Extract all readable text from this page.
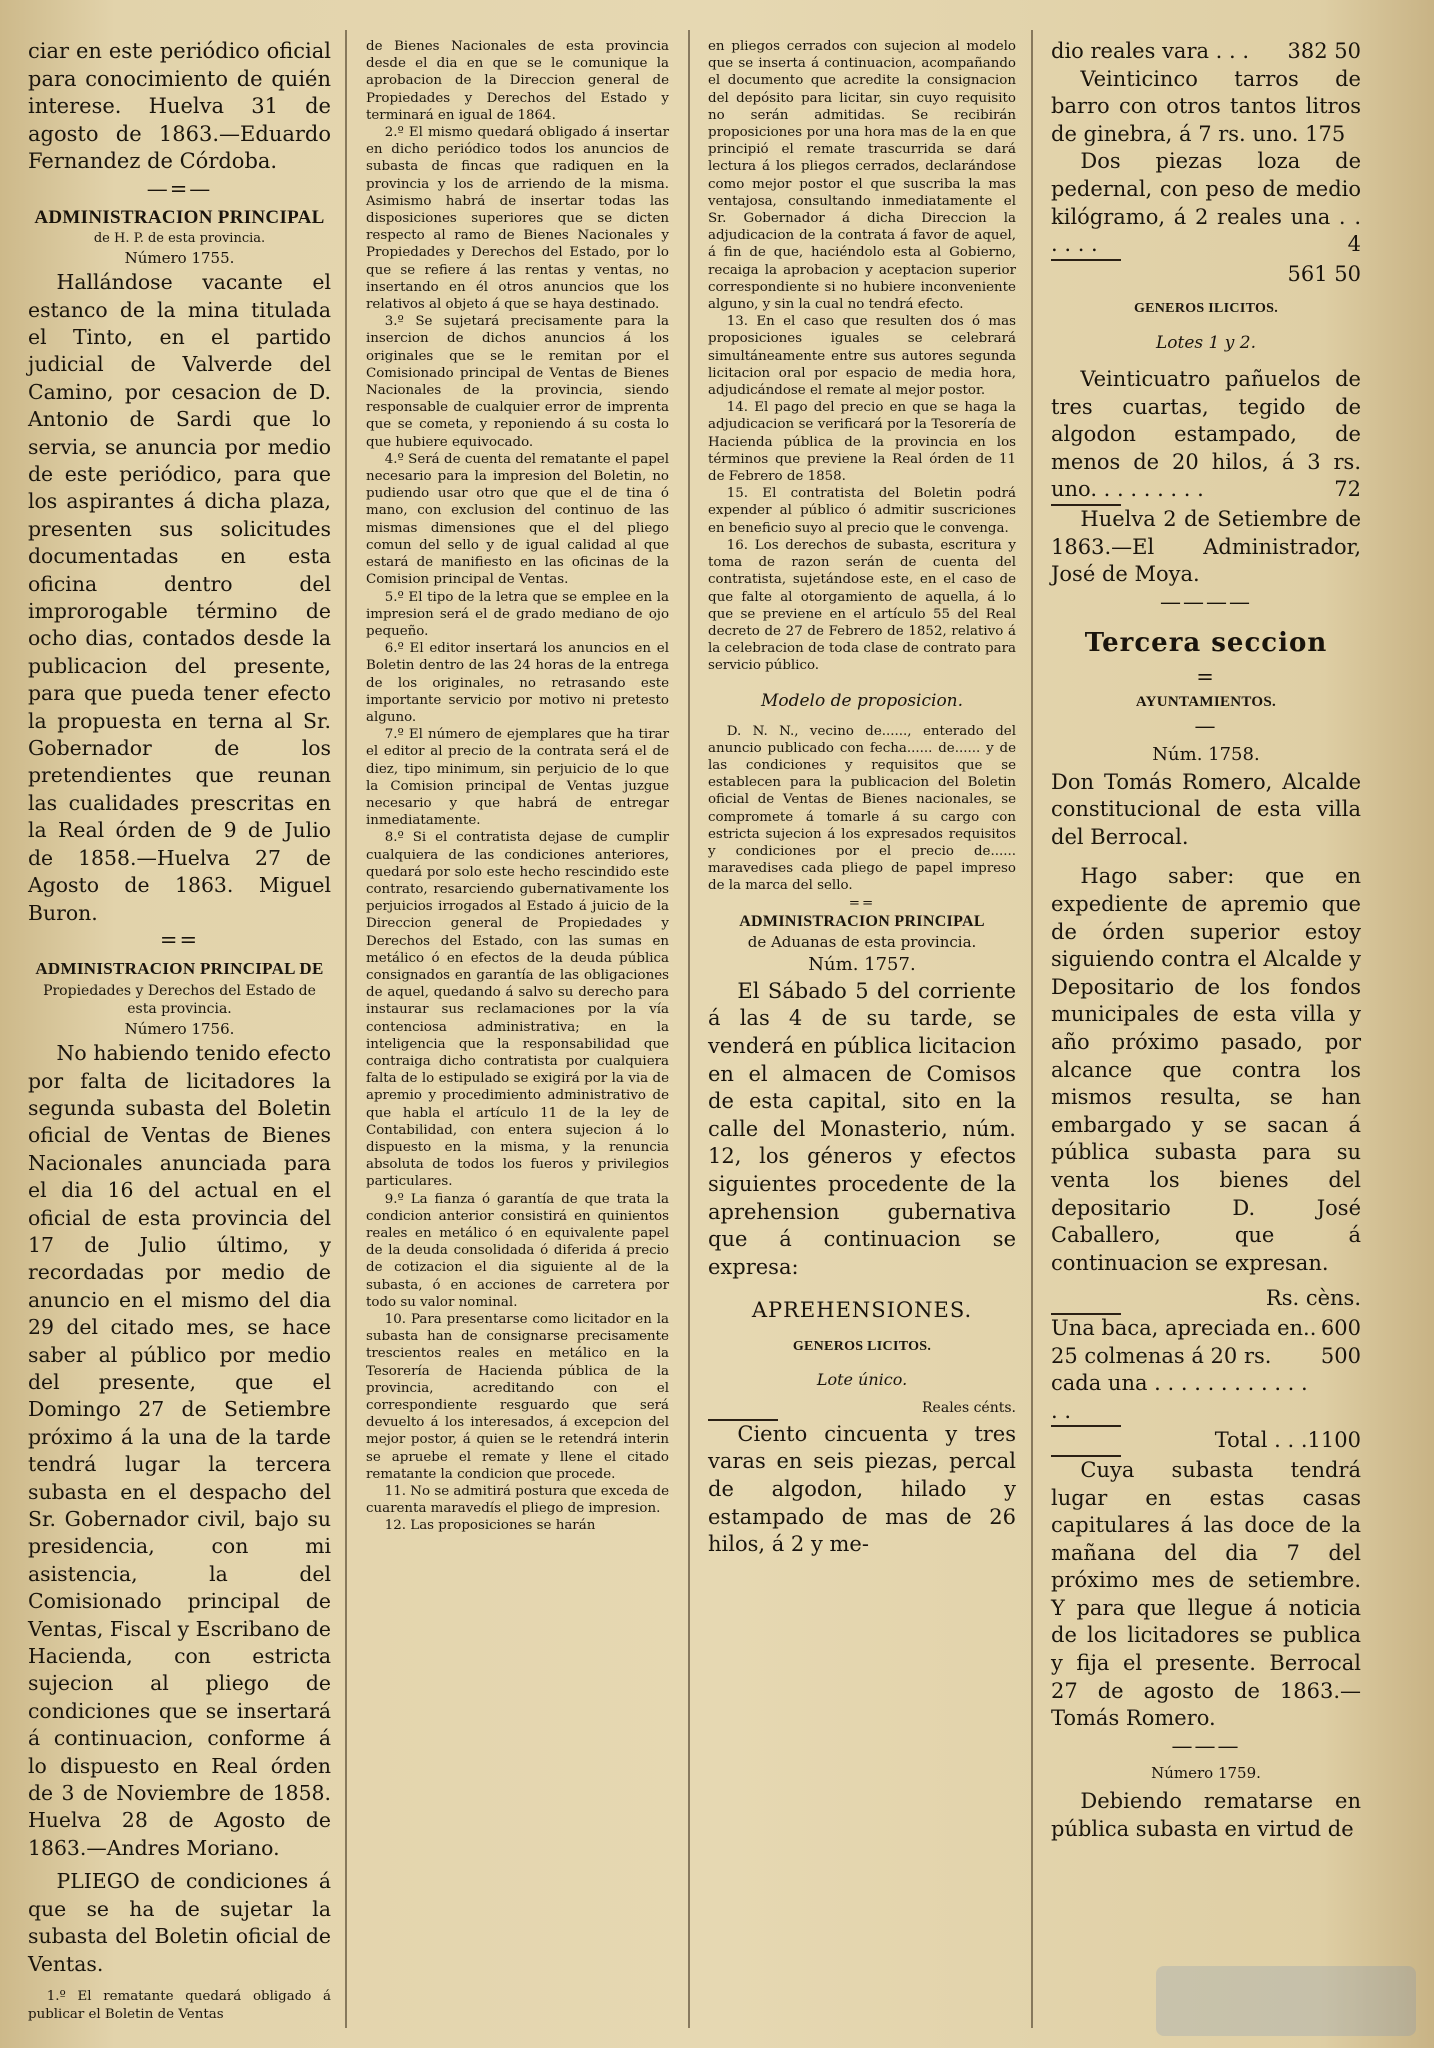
ciar en este periódico oficial para conocimiento de quién interese. Huelva 31 de agosto de 1863.—Eduardo Fernandez de Córdoba.

—=—
ADMINISTRACION PRINCIPAL
de H. P. de esta provincia.
Número 1755.

Hallándose vacante el estanco de la mina titulada el Tinto, en el partido judicial de Valverde del Camino, por cesacion de D. Antonio de Sardi que lo servia, se anuncia por medio de este periódico, para que los aspirantes á dicha plaza, presenten sus solicitudes documentadas en esta oficina dentro del improrogable término de ocho dias, contados desde la publicacion del presente, para que pueda tener efecto la propuesta en terna al Sr. Gobernador de los pretendientes que reunan las cualidades prescritas en la Real órden de 9 de Julio de 1858.—Huelva 27 de Agosto de 1863. Miguel Buron.

==
ADMINISTRACION PRINCIPAL DE
Propiedades y Derechos del Estado de esta provincia.
Número 1756.

No habiendo tenido efecto por falta de licitadores la segunda subasta del Boletin oficial de Ventas de Bienes Nacionales anunciada para el dia 16 del actual en el oficial de esta provincia del 17 de Julio último, y recordadas por medio de anuncio en el mismo del dia 29 del citado mes, se hace saber al público por medio del presente, que el Domingo 27 de Setiembre próximo á la una de la tarde tendrá lugar la tercera subasta en el despacho del Sr. Gobernador civil, bajo su presidencia, con mi asistencia, la del Comisionado principal de Ventas, Fiscal y Escribano de Hacienda, con estricta sujecion al pliego de condiciones que se insertará á continuacion, conforme á lo dispuesto en Real órden de 3 de Noviembre de 1858. Huelva 28 de Agosto de 1863.—Andres Moriano.

PLIEGO de condiciones á que se ha de sujetar la subasta del Boletin oficial de Ventas.

1.º El rematante quedará obligado á publicar el Boletin de Ventas

de Bienes Nacionales de esta provincia desde el dia en que se le comunique la aprobacion de la Direccion general de Propiedades y Derechos del Estado y terminará en igual de 1864.

2.º El mismo quedará obligado á insertar en dicho periódico todos los anuncios de subasta de fincas que radiquen en la provincia y los de arriendo de la misma. Asimismo habrá de insertar todas las disposiciones superiores que se dicten respecto al ramo de Bienes Nacionales y Propiedades y Derechos del Estado, por lo que se refiere á las rentas y ventas, no insertando en él otros anuncios que los relativos al objeto á que se haya destinado.

3.º Se sujetará precisamente para la insercion de dichos anuncios á los originales que se le remitan por el Comisionado principal de Ventas de Bienes Nacionales de la provincia, siendo responsable de cualquier error de imprenta que se cometa, y reponiendo á su costa lo que hubiere equivocado.

4.º Será de cuenta del rematante el papel necesario para la impresion del Boletin, no pudiendo usar otro que que el de tina ó mano, con exclusion del continuo de las mismas dimensiones que el del pliego comun del sello y de igual calidad al que estará de manifiesto en las oficinas de la Comision principal de Ventas.

5.º El tipo de la letra que se emplee en la impresion será el de grado mediano de ojo pequeño.

6.º El editor insertará los anuncios en el Boletin dentro de las 24 horas de la entrega de los originales, no retrasando este importante servicio por motivo ni pretesto alguno.

7.º El número de ejemplares que ha tirar el editor al precio de la contrata será el de diez, tipo minimum, sin perjuicio de lo que la Comision principal de Ventas juzgue necesario y que habrá de entregar inmediatamente.

8.º Si el contratista dejase de cumplir cualquiera de las condiciones anteriores, quedará por solo este hecho rescindido este contrato, resarciendo gubernativamente los perjuicios irrogados al Estado á juicio de la Direccion general de Propiedades y Derechos del Estado, con las sumas en metálico ó en efectos de la deuda pública consignados en garantía de las obligaciones de aquel, quedando á salvo su derecho para instaurar sus reclamaciones por la vía contenciosa administrativa; en la inteligencia que la responsabilidad que contraiga dicho contratista por cualquiera falta de lo estipulado se exigirá por la via de apremio y procedimiento administrativo de que habla el artículo 11 de la ley de Contabilidad, con entera sujecion á lo dispuesto en la misma, y la renuncia absoluta de todos los fueros y privilegios particulares.

9.º La fianza ó garantía de que trata la condicion anterior consistirá en quinientos reales en metálico ó en equivalente papel de la deuda consolidada ó diferida á precio de cotizacion el dia siguiente al de la subasta, ó en acciones de carretera por todo su valor nominal.

10. Para presentarse como licitador en la subasta han de consignarse precisamente trescientos reales en metálico en la Tesorería de Hacienda pública de la provincia, acreditando con el correspondiente resguardo que será devuelto á los interesados, á excepcion del mejor postor, á quien se le retendrá interin se apruebe el remate y llene el citado rematante la condicion que procede.

11. No se admitirá postura que exceda de cuarenta maravedís el pliego de impresion.

12. Las proposiciones se harán

en pliegos cerrados con sujecion al modelo que se inserta á continuacion, acompañando el documento que acredite la consignacion del depósito para licitar, sin cuyo requisito no serán admitidas. Se recibirán proposiciones por una hora mas de la en que principió el remate trascurrida se dará lectura á los pliegos cerrados, declarándose como mejor postor el que suscriba la mas ventajosa, consultando inmediatamente el Sr. Gobernador á dicha Direccion la adjudicacion de la contrata á favor de aquel, á fin de que, haciéndolo esta al Gobierno, recaiga la aprobacion y aceptacion superior correspondiente si no hubiere inconveniente alguno, y sin la cual no tendrá efecto.

13. En el caso que resulten dos ó mas proposiciones iguales se celebrará simultáneamente entre sus autores segunda licitacion oral por espacio de media hora, adjudicándose el remate al mejor postor.

14. El pago del precio en que se haga la adjudicacion se verificará por la Tesorería de Hacienda pública de la provincia en los términos que previene la Real órden de 11 de Febrero de 1858.

15. El contratista del Boletin podrá expender al público ó admitir suscriciones en beneficio suyo al precio que le convenga.

16. Los derechos de subasta, escritura y toma de razon serán de cuenta del contratista, sujetándose este, en el caso de que falte al otorgamiento de aquella, á lo que se previene en el artículo 55 del Real decreto de 27 de Febrero de 1852, relativo á la celebracion de toda clase de contrato para servicio público.

Modelo de proposicion.

D. N. N., vecino de......, enterado del anuncio publicado con fecha...... de...... y de las condiciones y requisitos que se establecen para la publicacion del Boletin oficial de Ventas de Bienes nacionales, se compromete á tomarle á su cargo con estricta sujecion á los expresados requisitos y condiciones por el precio de...... maravedises cada pliego de papel impreso de la marca del sello.

==
ADMINISTRACION PRINCIPAL
de Aduanas de esta provincia.
Núm. 1757.

El Sábado 5 del corriente á las 4 de su tarde, se venderá en pública licitacion en el almacen de Comisos de esta capital, sito en la calle del Monasterio, núm. 12, los géneros y efectos siguientes procedente de la aprehension gubernativa que á continuacion se expresa:

APREHENSIONES.
GENEROS LICITOS.
Lote único.
Reales cénts.

Ciento cincuenta y tres varas en seis piezas, percal de algodon, hilado y estampado de mas de 26 hilos, á 2 y me-

dio reales vara . . . 382 50

Veinticinco tarros de barro con otros tantos litros de ginebra, á 7 rs. uno. 175

Dos piezas loza de pedernal, con peso de medio kilógramo, á 2 reales una . . . . . .	4

561 50
GENEROS ILICITOS.
Lotes 1 y 2.

Veinticuatro pañuelos de tres cuartas, tegido de algodon estampado, de menos de 20 hilos, á 3 rs. uno. . . . . . . . .	72

Huelva 2 de Setiembre de 1863.—El Administrador, José de Moya.

————
Tercera seccion
=
AYUNTAMIENTOS.
—
Núm. 1758.

Don Tomás Romero, Alcalde constitucional de esta villa del Berrocal.

Hago saber: que en expediente de apremio que de órden superior estoy siguiendo contra el Alcalde y Depositario de los fondos municipales de esta villa y año próximo pasado, por alcance que contra los mismos resulta, se han embargado y se sacan á pública subasta para su venta los bienes del depositario D. José Caballero, que á continuacion se expresan.

Rs. cèns.
Una baca, apreciada en.. 600
25 colmenas á 20 rs. cada una . . . . . . . . . . . . . .
500
Total . . .1100

Cuya subasta tendrá lugar en estas casas capitulares á las doce de la mañana del dia 7 del próximo mes de setiembre. Y para que llegue á noticia de los licitadores se publica y fija el presente. Berrocal 27 de agosto de 1863.—Tomás Romero.

———
Número 1759.

Debiendo rematarse en pública subasta en virtud de
